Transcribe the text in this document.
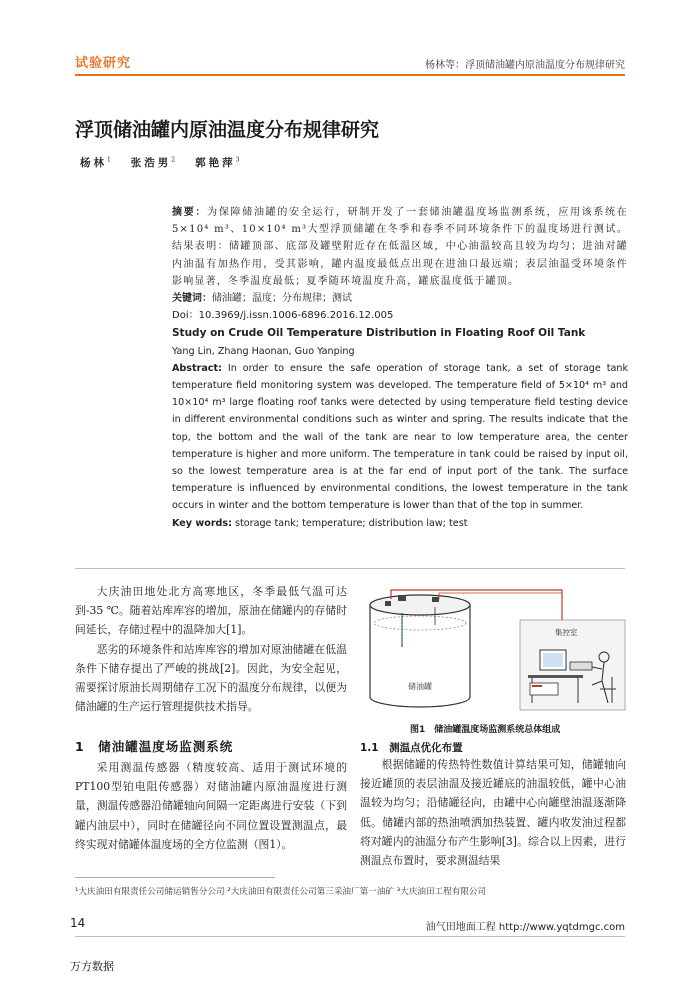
试验研究	杨林等：浮顶储油罐内原油温度分布规律研究
浮顶储油罐内原油温度分布规律研究
杨林$^1$ 张浩男$^2$ 郭艳萍$^3$

摘要：为保障储油罐的安全运行，研制开发了一套储油罐温度场监测系统，应用该系统在5×10⁴ m³、10×10⁴ m³大型浮顶储罐在冬季和春季不同环境条件下的温度场进行测试。结果表明：储罐顶部、底部及罐壁附近存在低温区域，中心油温较高且较为均匀；进油对罐内油温有加热作用，受其影响，罐内温度最低点出现在进油口最远端；表层油温受环境条件影响显著，冬季温度最低；夏季随环境温度升高，罐底温度低于罐顶。

关键词：储油罐；温度；分布规律；测试

Doi：10.3969/j.issn.1006-6896.2016.12.005

Study on Crude Oil Temperature Distribution in Floating Roof Oil Tank

Yang Lin, Zhang Haonan, Guo Yanping

Abstract: In order to ensure the safe operation of storage tank, a set of storage tank temperature field monitoring system was developed. The temperature field of 5×10⁴ m³ and 10×10⁴ m³ large floating roof tanks were detected by using temperature field testing device in different environmental conditions such as winter and spring. The results indicate that the top, the bottom and the wall of the tank are near to low temperature area, the center temperature is higher and more uniform. The temperature in tank could be raised by input oil, so the lowest temperature area is at the far end of input port of the tank. The surface temperature is influenced by environmental conditions, the lowest temperature in the tank occurs in winter and the bottom temperature is lower than that of the top in summer.

Key words: storage tank; temperature; distribution law; test

大庆油田地处北方高寒地区，冬季最低气温可达到-35 ℃。随着站库库容的增加，原油在储罐内的存储时间延长，存储过程中的温降加大[1]。

恶劣的环境条件和站库库容的增加对原油储罐在低温条件下储存提出了严峻的挑战[2]。因此，为安全起见，需要探讨原油长周期储存工况下的温度分布规律，以便为储油罐的生产运行管理提供技术指导。

1　储油罐温度场监测系统

采用测温传感器（精度较高、适用于测试环境的PT100型铂电阻传感器）对储油罐内原油温度进行测量，测温传感器沿储罐轴向间隔一定距离进行安装（下到罐内油层中），同时在储罐径向不同位置设置测温点，最终实现对储罐体温度场的全方位监测（图1）。

储油罐
集控室
图1　储油罐温度场监测系统总体组成
1.1　测温点优化布置

根据储罐的传热特性数值计算结果可知，储罐轴向接近罐顶的表层油温及接近罐底的油温较低，罐中心油温较为均匀；沿储罐径向，由罐中心向罐壁油温逐渐降低。储罐内部的热油喷洒加热装置、罐内收发油过程都将对罐内的油温分布产生影响[3]。综合以上因素，进行测温点布置时，要求测温结果

¹大庆油田有限责任公司储运销售分公司 ²大庆油田有限责任公司第三采油厂第一油矿 ³大庆油田工程有限公司
14	油气田地面工程 http://www.yqtdmgc.com
万方数据
